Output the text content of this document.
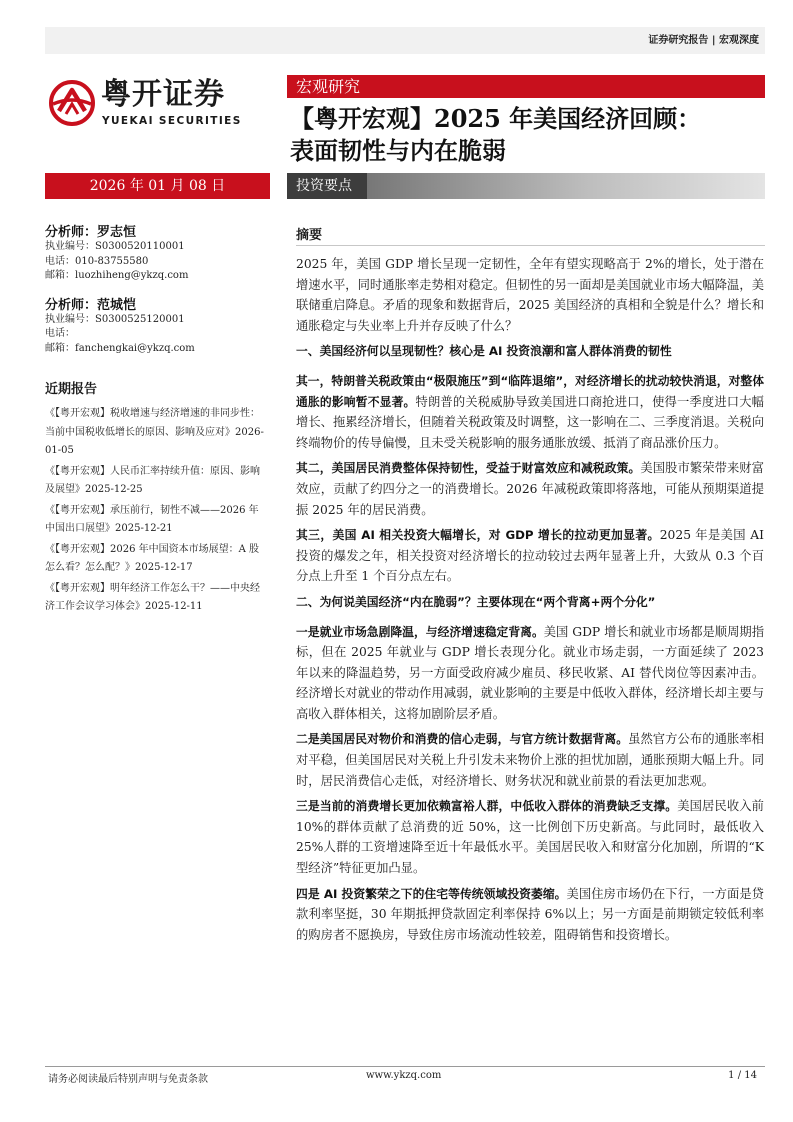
证券研究报告 | 宏观深度
粤开证券
YUEKAI SECURITIES
宏观研究
【粤开宏观】2025 年美国经济回顾：
表面韧性与内在脆弱
2026 年 01 月 08 日	投资要点
分析师：罗志恒
执业编号：S0300520110001
电话：010-83755580
邮箱：luozhiheng@ykzq.com
分析师：范城恺
执业编号：S0300525120001
电话：
邮箱：fanchengkai@ykzq.com
近期报告
《【粤开宏观】税收增速与经济增速的非同步性：当前中国税收低增长的原因、影响及应对》2026-01-05
《【粤开宏观】人民币汇率持续升值：原因、影响及展望》2025-12-25
《【粤开宏观】承压前行，韧性不减——2026 年中国出口展望》2025-12-21
《【粤开宏观】2026 年中国资本市场展望：A 股怎么看？怎么配？》2025-12-17
《【粤开宏观】明年经济工作怎么干？——中央经济工作会议学习体会》2025-12-11
摘要

2025 年，美国 GDP 增长呈现一定韧性，全年有望实现略高于 2%的增长，处于潜在增速水平，同时通胀率走势相对稳定。但韧性的另一面却是美国就业市场大幅降温，美联储重启降息。矛盾的现象和数据背后，2025 美国经济的真相和全貌是什么？增长和通胀稳定与失业率上升并存反映了什么？

一、美国经济何以呈现韧性？核心是 AI 投资浪潮和富人群体消费的韧性

其一，特朗普关税政策由“极限施压”到“临阵退缩”，对经济增长的扰动较快消退，对整体通胀的影响暂不显著。特朗普的关税威胁导致美国进口商抢进口，使得一季度进口大幅增长、拖累经济增长，但随着关税政策及时调整，这一影响在二、三季度消退。关税向终端物价的传导偏慢，且未受关税影响的服务通胀放缓、抵消了商品涨价压力。

其二，美国居民消费整体保持韧性，受益于财富效应和减税政策。美国股市繁荣带来财富效应，贡献了约四分之一的消费增长。2026 年减税政策即将落地，可能从预期渠道提振 2025 年的居民消费。

其三，美国 AI 相关投资大幅增长，对 GDP 增长的拉动更加显著。2025 年是美国 AI 投资的爆发之年，相关投资对经济增长的拉动较过去两年显著上升，大致从 0.3 个百分点上升至 1 个百分点左右。

二、为何说美国经济“内在脆弱”？主要体现在“两个背离+两个分化”

一是就业市场急剧降温，与经济增速稳定背离。美国 GDP 增长和就业市场都是顺周期指标，但在 2025 年就业与 GDP 增长表现分化。就业市场走弱，一方面延续了 2023 年以来的降温趋势，另一方面受政府减少雇员、移民收紧、AI 替代岗位等因素冲击。经济增长对就业的带动作用减弱，就业影响的主要是中低收入群体，经济增长却主要与高收入群体相关，这将加剧阶层矛盾。

二是美国居民对物价和消费的信心走弱，与官方统计数据背离。虽然官方公布的通胀率相对平稳，但美国居民对关税上升引发未来物价上涨的担忧加剧，通胀预期大幅上升。同时，居民消费信心走低，对经济增长、财务状况和就业前景的看法更加悲观。

三是当前的消费增长更加依赖富裕人群，中低收入群体的消费缺乏支撑。美国居民收入前 10%的群体贡献了总消费的近 50%，这一比例创下历史新高。与此同时，最低收入 25%人群的工资增速降至近十年最低水平。美国居民收入和财富分化加剧，所谓的“K 型经济”特征更加凸显。

四是 AI 投资繁荣之下的住宅等传统领域投资萎缩。美国住房市场仍在下行，一方面是贷款利率坚挺，30 年期抵押贷款固定利率保持 6%以上；另一方面是前期锁定较低利率的购房者不愿换房，导致住房市场流动性较差，阻碍销售和投资增长。

请务必阅读最后特别声明与免责条款	www.ykzq.com	1 / 14
